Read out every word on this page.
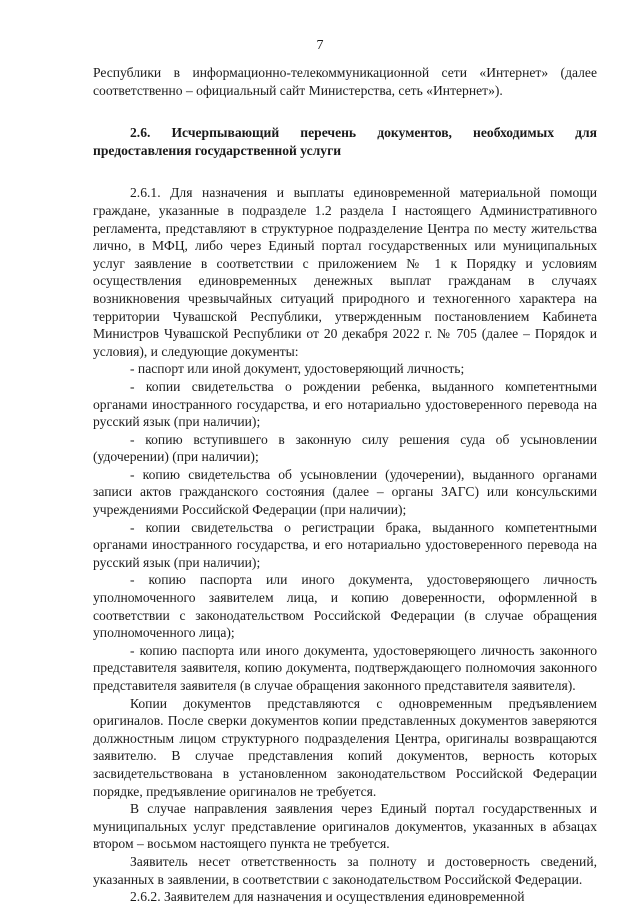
7

Республики в информационно-телекоммуникационной сети «Интернет» (далее соответственно – официальный сайт Министерства, сеть «Интернет»).

2.6. Исчерпывающий перечень документов, необходимых для предоставления государственной услуги

2.6.1. Для назначения и выплаты единовременной материальной помощи граждане, указанные в подразделе 1.2 раздела I настоящего Административного регламента, представляют в структурное подразделение Центра по месту жительства лично, в МФЦ, либо через Единый портал государственных или муниципальных услуг заявление в соответствии с приложением № 1 к Порядку и условиям осуществления единовременных денежных выплат гражданам в случаях возникновения чрезвычайных ситуаций природного и техногенного характера на территории Чувашской Республики, утвержденным постановлением Кабинета Министров Чувашской Республики от 20 декабря 2022 г. № 705 (далее – Порядок и условия), и следующие документы:

- паспорт или иной документ, удостоверяющий личность;

- копии свидетельства о рождении ребенка, выданного компетентными органами иностранного государства, и его нотариально удостоверенного перевода на русский язык (при наличии);

- копию вступившего в законную силу решения суда об усыновлении (удочерении) (при наличии);

- копию свидетельства об усыновлении (удочерении), выданного органами записи актов гражданского состояния (далее – органы ЗАГС) или консульскими учреждениями Российской Федерации (при наличии);

- копии свидетельства о регистрации брака, выданного компетентными органами иностранного государства, и его нотариально удостоверенного перевода на русский язык (при наличии);

- копию паспорта или иного документа, удостоверяющего личность уполномоченного заявителем лица, и копию доверенности, оформленной в соответствии с законодательством Российской Федерации (в случае обращения уполномоченного лица);

- копию паспорта или иного документа, удостоверяющего личность законного представителя заявителя, копию документа, подтверждающего полномочия законного представителя заявителя (в случае обращения законного представителя заявителя).

Копии документов представляются с одновременным предъявлением оригиналов. После сверки документов копии представленных документов заверяются должностным лицом структурного подразделения Центра, оригиналы возвращаются заявителю. В случае представления копий документов, верность которых засвидетельствована в установленном законодательством Российской Федерации порядке, предъявление оригиналов не требуется.

В случае направления заявления через Единый портал государственных и муниципальных услуг представление оригиналов документов, указанных в абзацах втором – восьмом настоящего пункта не требуется.

Заявитель несет ответственность за полноту и достоверность сведений, указанных в заявлении, в соответствии с законодательством Российской Федерации.

2.6.2. Заявителем для назначения и осуществления единовременной
